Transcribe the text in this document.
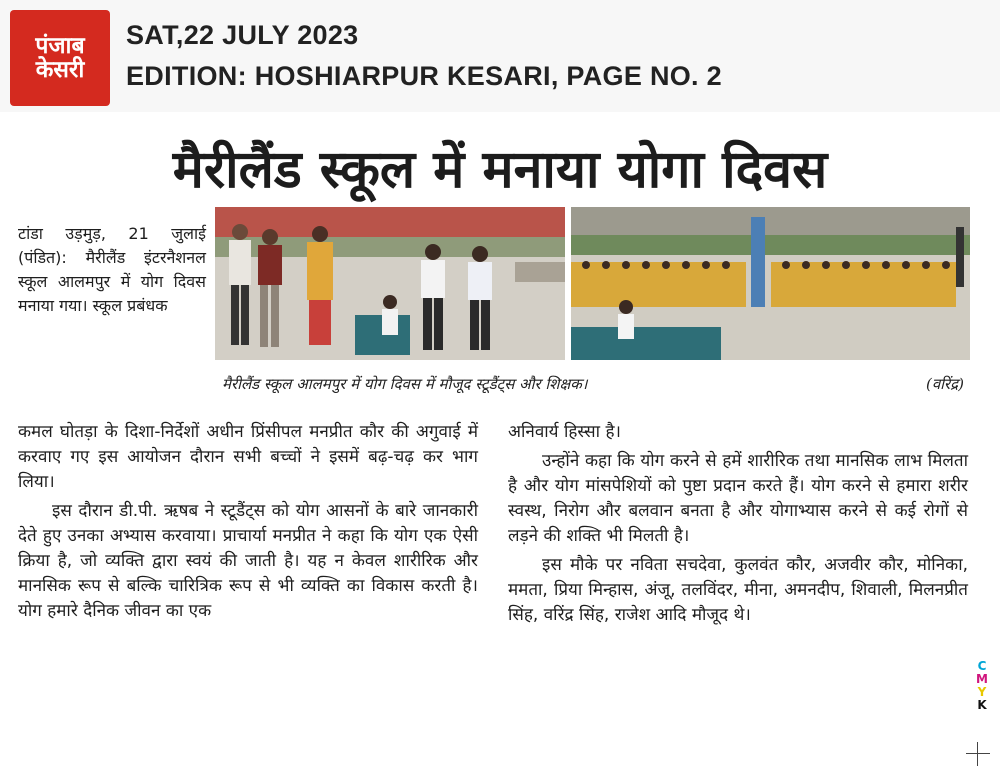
पंजाब
केसरी
SAT,22 JULY 2023
EDITION: HOSHIARPUR KESARI, PAGE NO. 2
मैरीलैंड स्कूल में मनाया योगा दिवस

टांडा उड़मुड़, 21 जुलाई (पंडित): मैरीलैंड इंटरनैशनल स्कूल आलमपुर में योग दिवस मनाया गया। स्कूल प्रबंधक

मैरीलैंड स्कूल आलमपुर में योग दिवस में मौजूद स्टूडैंट्स और शिक्षक।	(वरिंद्र)

कमल घोतड़ा के दिशा-निर्देशों अधीन प्रिंसीपल मनप्रीत कौर की अगुवाई में करवाए गए इस आयोजन दौरान सभी बच्चों ने इसमें बढ़-चढ़ कर भाग लिया।

इस दौरान डी.पी. ऋषब ने स्टूडैंट्स को योग आसनों के बारे जानकारी देते हुए उनका अभ्यास करवाया। प्राचार्या मनप्रीत ने कहा कि योग एक ऐसी क्रिया है, जो व्यक्ति द्वारा स्वयं की जाती है। यह न केवल शारीरिक और मानसिक रूप से बल्कि चारित्रिक रूप से भी व्यक्ति का विकास करती है। योग हमारे दैनिक जीवन का एक

अनिवार्य हिस्सा है।

उन्होंने कहा कि योग करने से हमें शारीरिक तथा मानसिक लाभ मिलता है और योग मांसपेशियों को पुष्टा प्रदान करते हैं। योग करने से हमारा शरीर स्वस्थ, निरोग और बलवान बनता है और योगाभ्यास करने से कई रोगों से लड़ने की शक्ति भी मिलती है।

इस मौके पर नविता सचदेवा, कुलवंत कौर, अजवीर कौर, मोनिका, ममता, प्रिया मिन्हास, अंजू, तलविंदर, मीना, अमनदीप, शिवाली, मिलनप्रीत सिंह, वरिंद्र सिंह, राजेश आदि मौजूद थे।

C
M
Y
K
